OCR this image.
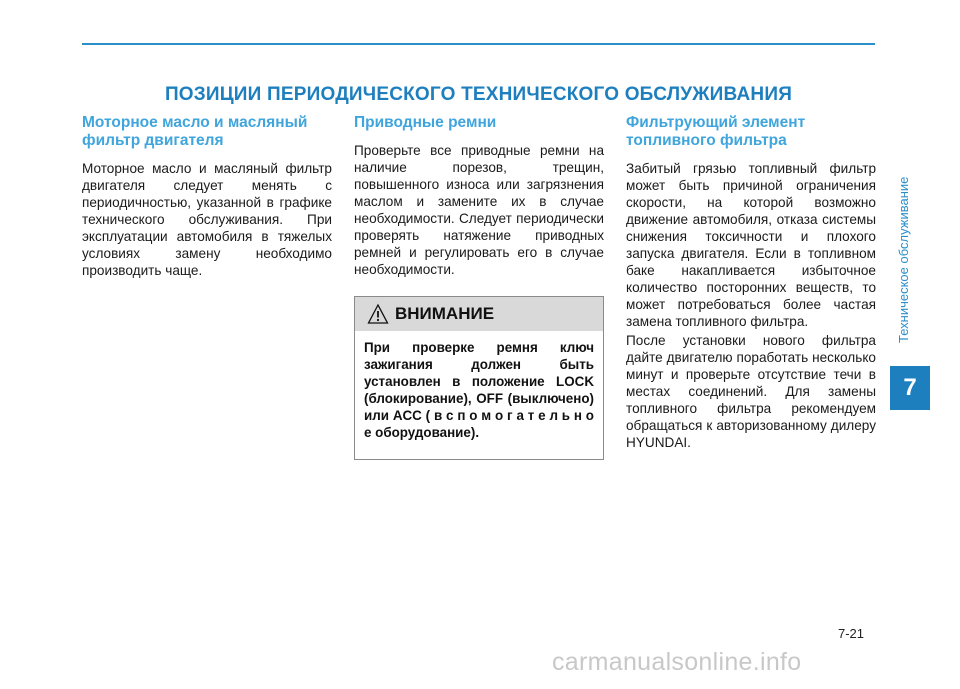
ПОЗИЦИИ ПЕРИОДИЧЕСКОГО ТЕХНИЧЕСКОГО ОБСЛУЖИВАНИЯ
Моторное масло и масляный фильтр двигателя

Моторное масло и масляный фильтр двигателя следует менять с периодичностью, указанной в графике технического обслуживания. При эксплуатации автомобиля в тяжелых условиях замену необходимо производить чаще.

Приводные ремни

Проверьте все приводные ремни на наличие порезов, трещин, повышенного износа или загрязнения маслом и замените их в случае необходимости. Следует периодически проверять натяжение приводных ремней и регулировать его в случае необходимости.

ВНИМАНИЕ
При проверке ремня ключ зажигания должен быть установлен в положение LOCK (блокирование), OFF (выключено) или ACC ( в с п о м о г а т е л ь н о е оборудование).
Фильтрующий элемент топливного фильтра

Забитый грязью топливный фильтр может быть причиной ограничения скорости, на которой возможно движение автомобиля, отказа системы снижения токсичности и плохого запуска двигателя. Если в топливном баке накапливается избыточное количество посторонних веществ, то может потребоваться более частая замена топливного фильтра.

После установки нового фильтра дайте двигателю поработать несколько минут и проверьте отсутствие течи в местах соединений. Для замены топливного фильтра рекомендуем обращаться к авторизованному дилеру HYUNDAI.

Техническое обслуживание
7
7-21
carmanualsonline.info
